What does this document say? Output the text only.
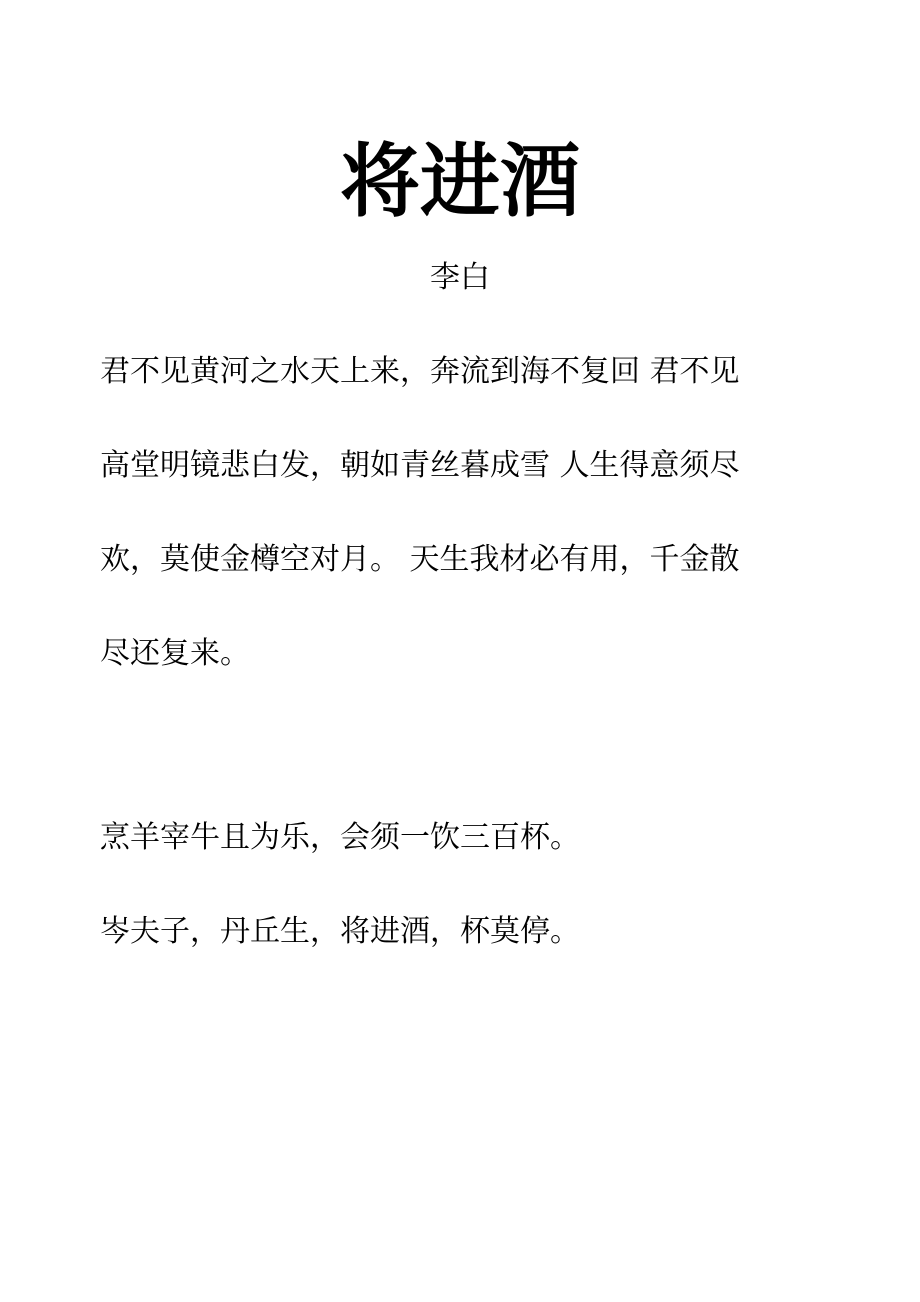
将进酒
李白
君不见黄河之水天上来，奔流到海不复回 君不见
高堂明镜悲白发，朝如青丝暮成雪 人生得意须尽
欢，莫使金樽空对月。 天生我材必有用，千金散
尽还复来。

烹羊宰牛且为乐，会须一饮三百杯。

岑夫子，丹丘生，将进酒，杯莫停。
